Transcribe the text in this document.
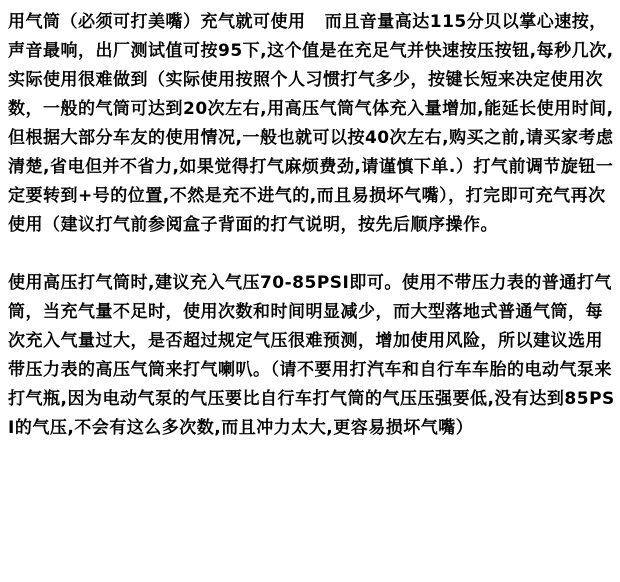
用气筒（必须可打美嘴）充气就可使用   而且音量高达115分贝以掌心速按，声音最响，出厂测试值可按95下,这个值是在充足气并快速按压按钮,每秒几次,实际使用很难做到（实际使用按照个人习惯打气多少，按键长短来决定使用次数，一般的气筒可达到20次左右,用高压气筒气体充入量增加,能延长使用时间,但根据大部分车友的使用情况,一般也就可以按40次左右,购买之前,请买家考虑清楚,省电但并不省力,如果觉得打气麻烦费劲,请谨慎下单.）打气前调节旋钮一定要转到+号的位置,不然是充不进气的,而且易损坏气嘴），打完即可充气再次使用（建议打气前参阅盒子背面的打气说明，按先后顺序操作。

使用高压打气筒时,建议充入气压70-85PSI即可。使用不带压力表的普通打气筒，当充气量不足时，使用次数和时间明显减少，而大型落地式普通气筒，每次充入气量过大，是否超过规定气压很难预测，增加使用风险，所以建议选用带压力表的高压气筒来打气喇叭。（请不要用打汽车和自行车车胎的电动气泵来打气瓶,因为电动气泵的气压要比自行车打气筒的气压压强要低,没有达到85PSI的气压,不会有这么多次数,而且冲力太大,更容易损坏气嘴）
